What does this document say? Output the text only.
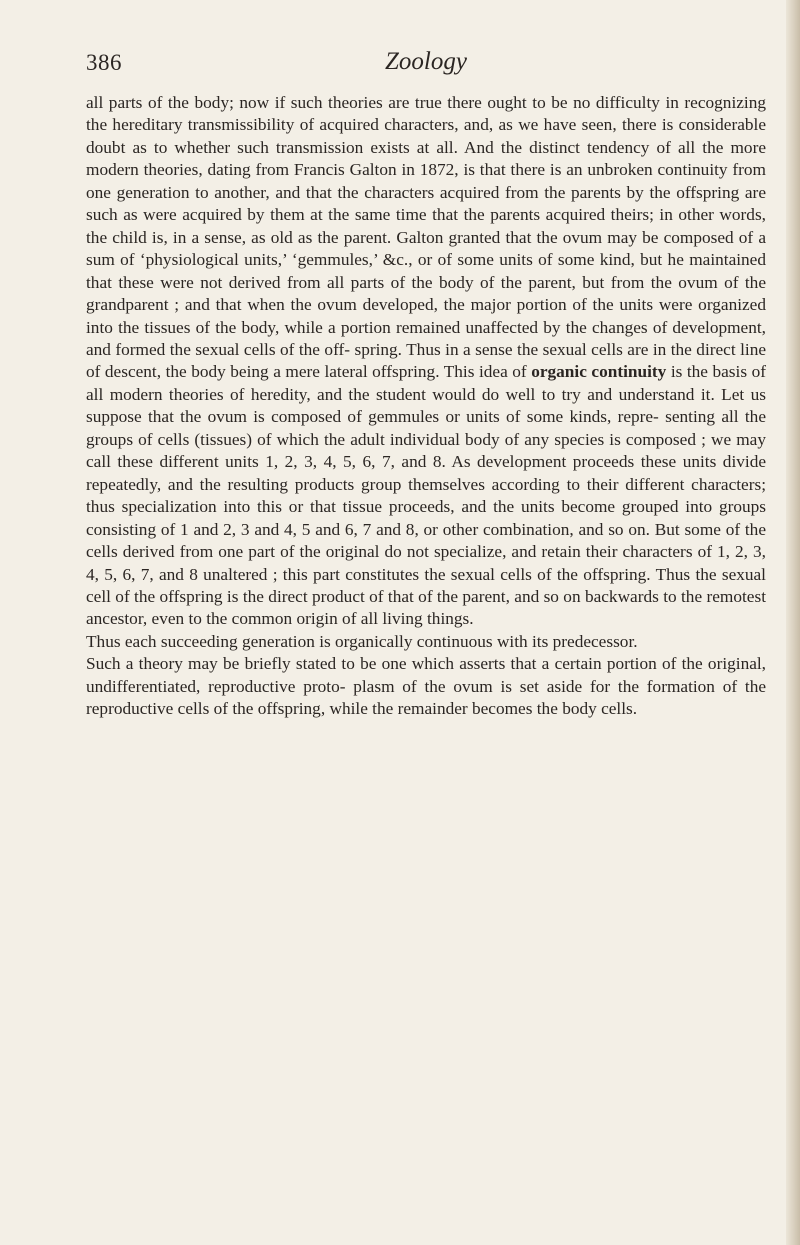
386	Zoology

all parts of the body; now if such theories are true there ought to be no difficulty in recognizing the hereditary transmissibility of acquired characters, and, as we have seen, there is considerable doubt as to whether such transmission exists at all. And the distinct tendency of all the more modern theories, dating from Francis Galton in 1872, is that there is an unbroken continuity from one generation to another, and that the characters acquired from the parents by the offspring are such as were acquired by them at the same time that the parents acquired theirs; in other words, the child is, in a sense, as old as the parent. Galton granted that the ovum may be composed of a sum of ‘physiological units,’ ‘gemmules,’ &c., or of some units of some kind, but he maintained that these were not derived from all parts of the body of the parent, but from the ovum of the grandparent ; and that when the ovum developed, the major portion of the units were organized into the tissues of the body, while a portion remained unaffected by the changes of development, and formed the sexual cells of the off- spring. Thus in a sense the sexual cells are in the direct line of descent, the body being a mere lateral offspring. This idea of organic continuity is the basis of all modern theories of heredity, and the student would do well to try and understand it. Let us suppose that the ovum is composed of gemmules or units of some kinds, repre- senting all the groups of cells (tissues) of which the adult individual body of any species is composed ; we may call these different units 1, 2, 3, 4, 5, 6, 7, and 8. As development proceeds these units divide repeatedly, and the resulting products group themselves according to their different characters; thus specialization into this or that tissue proceeds, and the units become grouped into groups consisting of 1 and 2, 3 and 4, 5 and 6, 7 and 8, or other combination, and so on. But some of the cells derived from one part of the original do not specialize, and retain their characters of 1, 2, 3, 4, 5, 6, 7, and 8 unaltered ; this part constitutes the sexual cells of the offspring. Thus the sexual cell of the offspring is the direct product of that of the parent, and so on backwards to the remotest ancestor, even to the common origin of all living things.

Thus each succeeding generation is organically continuous with its predecessor.

Such a theory may be briefly stated to be one which asserts that a certain portion of the original, undifferentiated, reproductive proto- plasm of the ovum is set aside for the formation of the reproductive cells of the offspring, while the remainder becomes the body cells.
